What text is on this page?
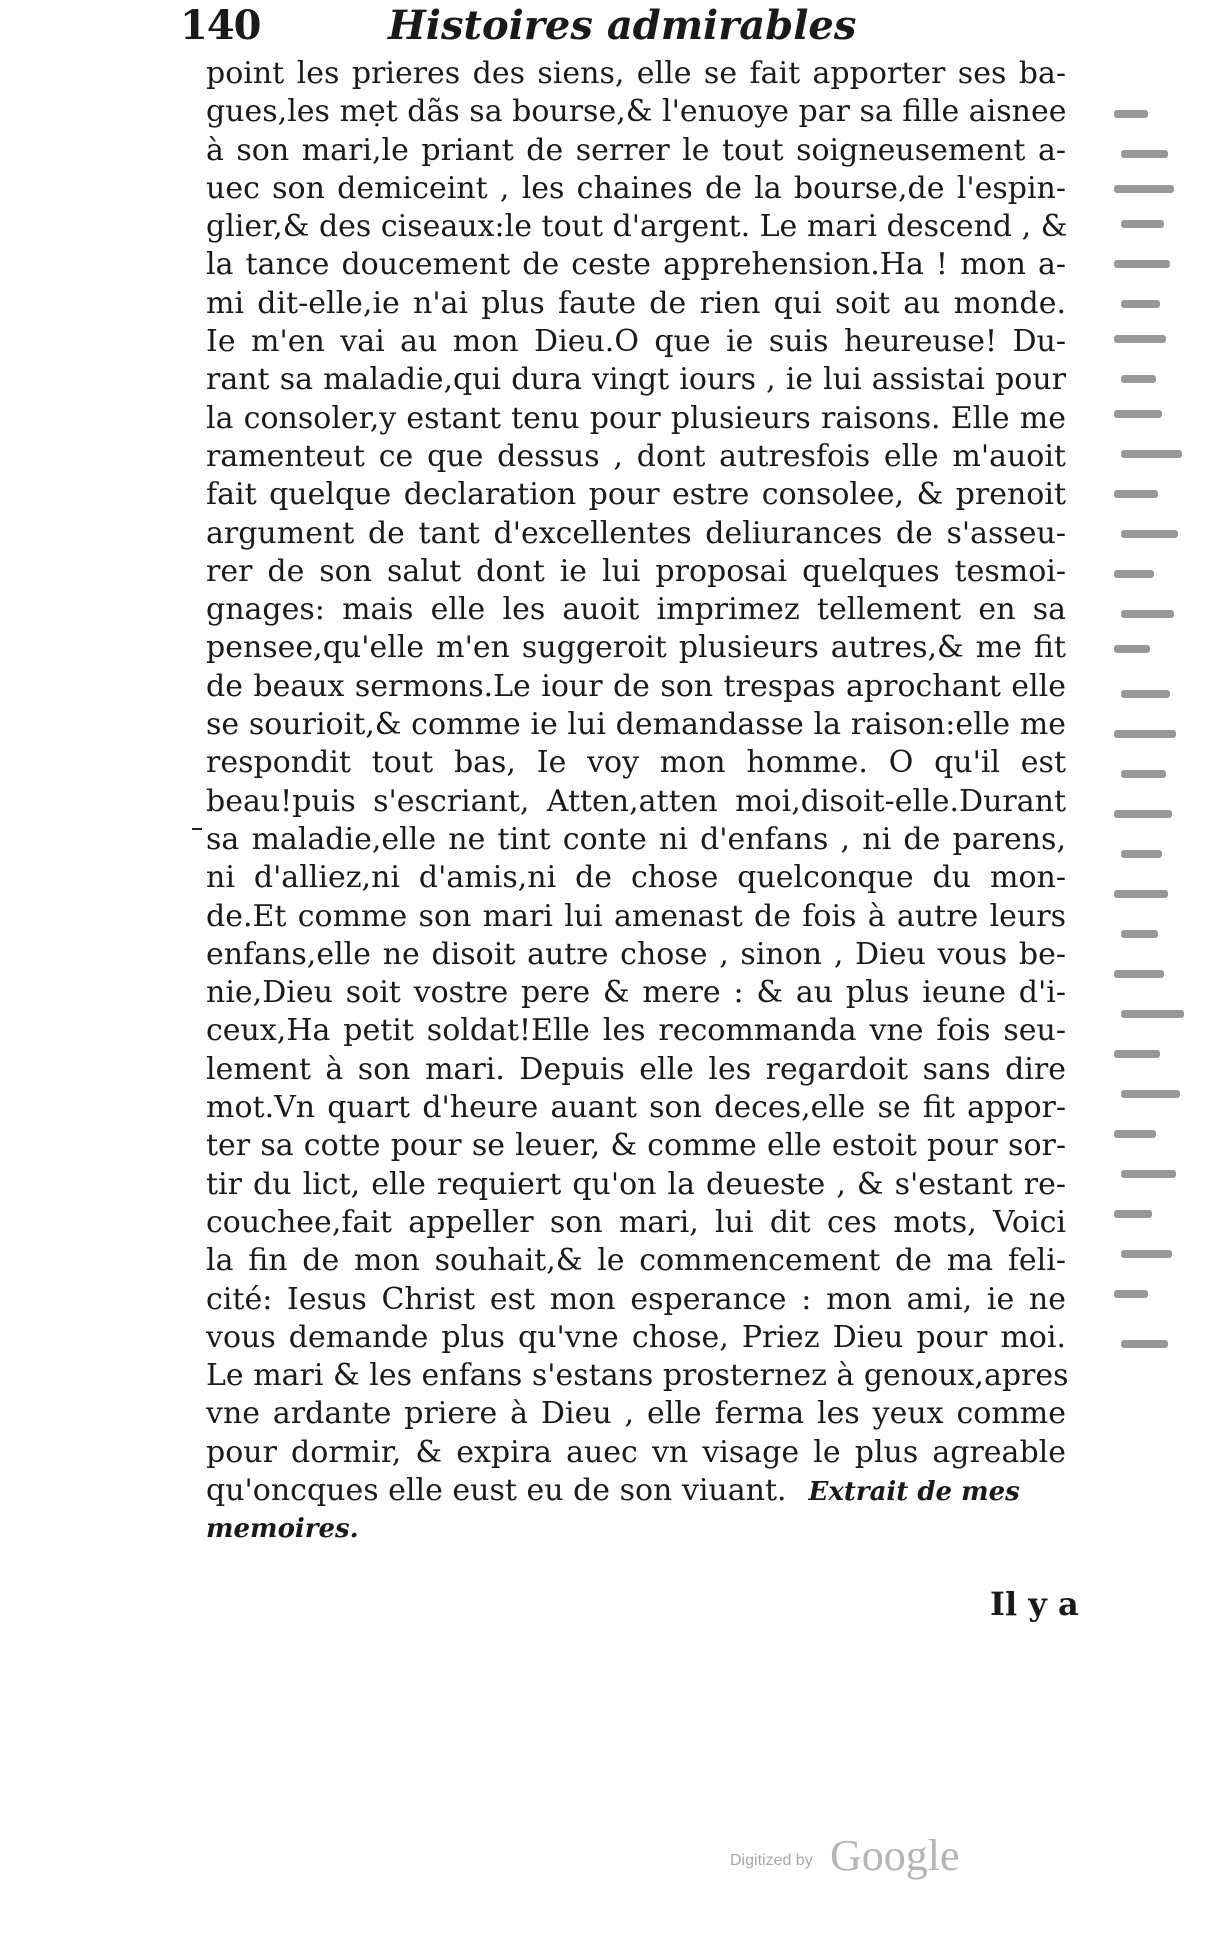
140	Histoires admirables
point les prieres des siens, elle se fait apporter ses ba-
gues,les mẹt dãs sa bourse,& l'enuoye par sa fille aisnee
à son mari,le priant de serrer le tout soigneusement a-
uec son demiceint , les chaines de la bourse,de l'espin-
glier,& des ciseaux:le tout d'argent. Le mari descend , &
la tance doucement de ceste apprehension.Ha ! mon a-
mi dit-elle,ie n'ai plus faute de rien qui soit au monde.
Ie m'en vai au mon Dieu.O que ie suis heureuse! Du-
rant sa maladie,qui dura vingt iours , ie lui assistai pour
la consoler,y estant tenu pour plusieurs raisons. Elle me
ramenteut ce que dessus , dont autresfois elle m'auoit
fait quelque declaration pour estre consolee, & prenoit
argument de tant d'excellentes deliurances de s'asseu-
rer de son salut dont ie lui proposai quelques tesmoi-
gnages: mais elle les auoit imprimez tellement en sa
pensee,qu'elle m'en suggeroit plusieurs autres,& me fit
de beaux sermons.Le iour de son trespas aprochant elle
se sourioit,& comme ie lui demandasse la raison:elle me
respondit tout bas, Ie voy mon homme. O qu'il est
beau!puis s'escriant, Atten,atten moi,disoit-elle.Durant
sa maladie,elle ne tint conte ni d'enfans , ni de parens,
ni d'alliez,ni d'amis,ni de chose quelconque du mon-
de.Et comme son mari lui amenast de fois à autre leurs
enfans,elle ne disoit autre chose , sinon , Dieu vous be-
nie,Dieu soit vostre pere & mere : & au plus ieune d'i-
ceux,Ha petit soldat!Elle les recommanda vne fois seu-
lement à son mari. Depuis elle les regardoit sans dire
mot.Vn quart d'heure auant son deces,elle se fit appor-
ter sa cotte pour se leuer, & comme elle estoit pour sor-
tir du lict, elle requiert qu'on la deueste , & s'estant re-
couchee,fait appeller son mari, lui dit ces mots, Voici
la fin de mon souhait,& le commencement de ma feli-
cité: Iesus Christ est mon esperance : mon ami, ie ne
vous demande plus qu'vne chose, Priez Dieu pour moi.
Le mari & les enfans s'estans prosternez à genoux,apres
vne ardante priere à Dieu , elle ferma les yeux comme
pour dormir, & expira auec vn visage le plus agreable
qu'oncques elle eust eu de son viuant. Extrait de mes
memoires.
Il y a
Digitized by Google
